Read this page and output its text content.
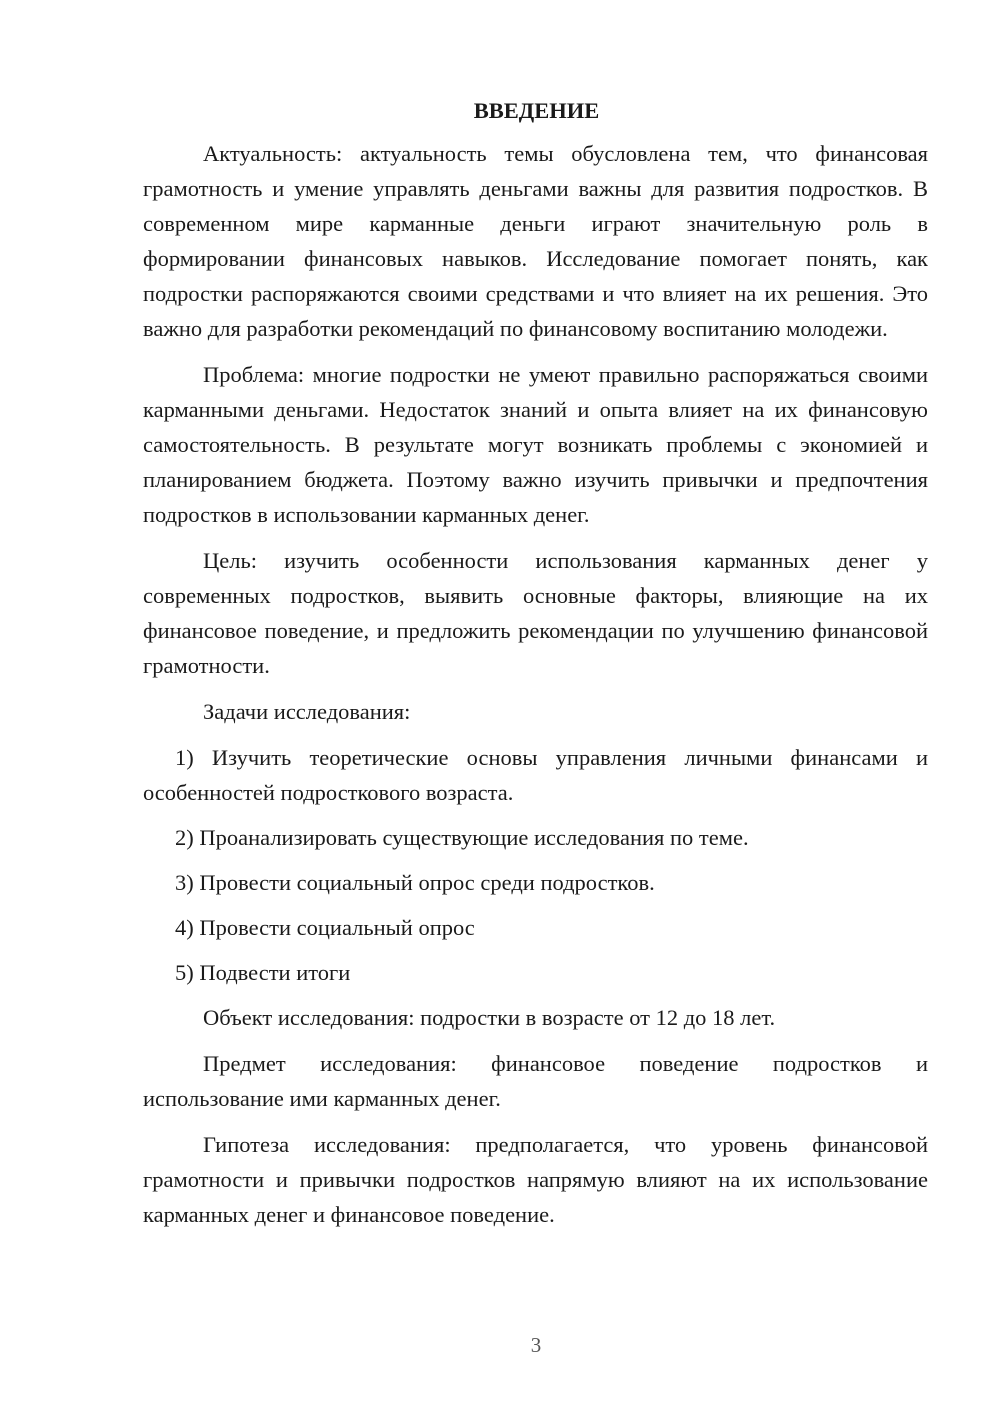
ВВЕДЕНИЕ

Актуальность: актуальность темы обусловлена тем, что финансовая грамотность и умение управлять деньгами важны для развития подростков. В современном мире карманные деньги играют значительную роль в формировании финансовых навыков. Исследование помогает понять, как подростки распоряжаются своими средствами и что влияет на их решения. Это важно для разработки рекомендаций по финансовому воспитанию молодежи.

Проблема: многие подростки не умеют правильно распоряжаться своими карманными деньгами. Недостаток знаний и опыта влияет на их финансовую самостоятельность. В результате могут возникать проблемы с экономией и планированием бюджета. Поэтому важно изучить привычки и предпочтения подростков в использовании карманных денег.

Цель: изучить особенности использования карманных денег у современных подростков, выявить основные факторы, влияющие на их финансовое поведение, и предложить рекомендации по улучшению финансовой грамотности.

Задачи исследования:

1) Изучить теоретические основы управления личными финансами и особенностей подросткового возраста.

2) Проанализировать существующие исследования по теме.

3) Провести социальный опрос среди подростков.

4) Провести социальный опрос

5) Подвести итоги

Объект исследования: подростки в возрасте от 12 до 18 лет.

Предмет исследования: финансовое поведение подростков и использование ими карманных денег.

Гипотеза исследования: предполагается, что уровень финансовой грамотности и привычки подростков напрямую влияют на их использование карманных денег и финансовое поведение.

3
